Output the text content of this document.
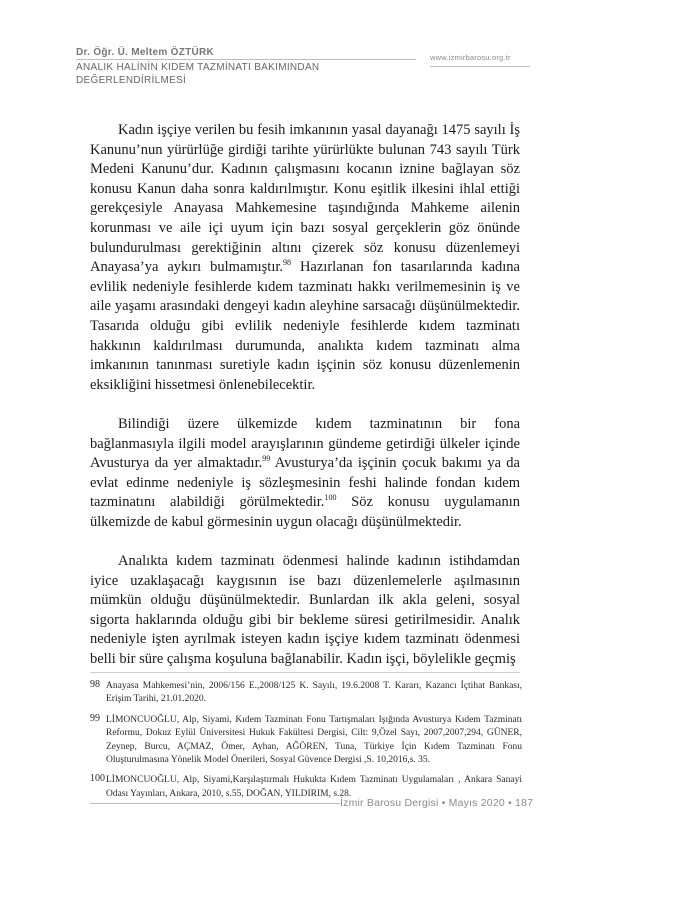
Dr. Öğr. Ü. Meltem ÖZTÜRK
ANALIK HALİNİN KIDEM TAZMİNATI BAKIMINDAN DEĞERLENDİRİLMESİ
www.izmirbarosu.org.tr

Kadın işçiye verilen bu fesih imkanının yasal dayanağı 1475 sayılı İş Kanunu’nun yürürlüğe girdiği tarihte yürürlükte bulunan 743 sayılı Türk Medeni Kanunu’dur. Kadının çalışmasını kocanın iznine bağlayan söz konusu Kanun daha sonra kaldırılmıştır. Konu eşitlik ilkesini ihlal ettiği gerekçesiyle Anayasa Mahkemesine taşındığında Mahkeme ailenin korunması ve aile içi uyum için bazı sosyal gerçeklerin göz önünde bulundurulması gerektiğinin altını çizerek söz konusu düzenlemeyi Anayasa’ya aykırı bulmamıştır.$^{98}$ Hazırlanan fon tasarılarında kadına evlilik nedeniyle fesihlerde kıdem tazminatı hakkı verilmemesinin iş ve aile yaşamı arasındaki dengeyi kadın aleyhine sarsacağı düşünülmektedir. Tasarıda olduğu gibi evlilik nedeniyle fesihlerde kıdem tazminatı hakkının kaldırılması durumunda, analıkta kıdem tazminatı alma imkanının tanınması suretiyle kadın işçinin söz konusu düzenlemenin eksikliğini hissetmesi önlenebilecektir.

Bilindiği üzere ülkemizde kıdem tazminatının bir fona bağlanmasıyla ilgili model arayışlarının gündeme getirdiği ülkeler içinde Avusturya da yer almaktadır.$^{99}$ Avusturya’da işçinin çocuk bakımı ya da evlat edinme nedeniyle iş sözleşmesinin feshi halinde fondan kıdem tazminatını alabildiği görülmektedir.$^{100}$ Söz konusu uygulamanın ülkemizde de kabul görmesinin uygun olacağı düşünülmektedir.

Analıkta kıdem tazminatı ödenmesi halinde kadının istihdamdan iyice uzaklaşacağı kaygısının ise bazı düzenlemelerle aşılmasının mümkün olduğu düşünülmektedir. Bunlardan ilk akla geleni, sosyal sigorta haklarında olduğu gibi bir bekleme süresi getirilmesidir. Analık nedeniyle işten ayrılmak isteyen kadın işçiye kıdem tazminatı ödenmesi belli bir süre çalışma koşuluna bağlanabilir. Kadın işçi, böylelikle geçmiş

98 Anayasa Mahkemesi’nin, 2006/156 E.,2008/125 K. Sayılı, 19.6.2008 T. Kararı, Kazancı İçtihat Bankası, Erişim Tarihi, 21.01.2020.
99 LİMONCUOĞLU, Alp, Siyami, Kıdem Tazminatı Fonu Tartışmaları Işığında Avusturya Kıdem Tazminatı Reformu, Dokuz Eylül Üniversitesi Hukuk Fakültesi Dergisi, Cilt: 9,Özel Sayı, 2007,2007,294, GÜNER, Zeynep, Burcu, AÇMAZ, Ömer, Ayhan, AĞÖREN, Tuna, Türkiye İçin Kıdem Tazminatı Fonu Oluşturulmasına Yönelik Model Önerileri, Sosyal Güvence Dergisi ,S. 10,2016,s. 35.
100 LİMONCUOĞLU, Alp, Siyami,Karşılaştırmalı Hukukta Kıdem Tazminatı Uygulamaları , Ankara Sanayi Odası Yayınları, Ankara, 2010, s.55, DOĞAN, YILDIRIM, s.28.
İzmir Barosu Dergisi • Mayıs 2020 • 187
